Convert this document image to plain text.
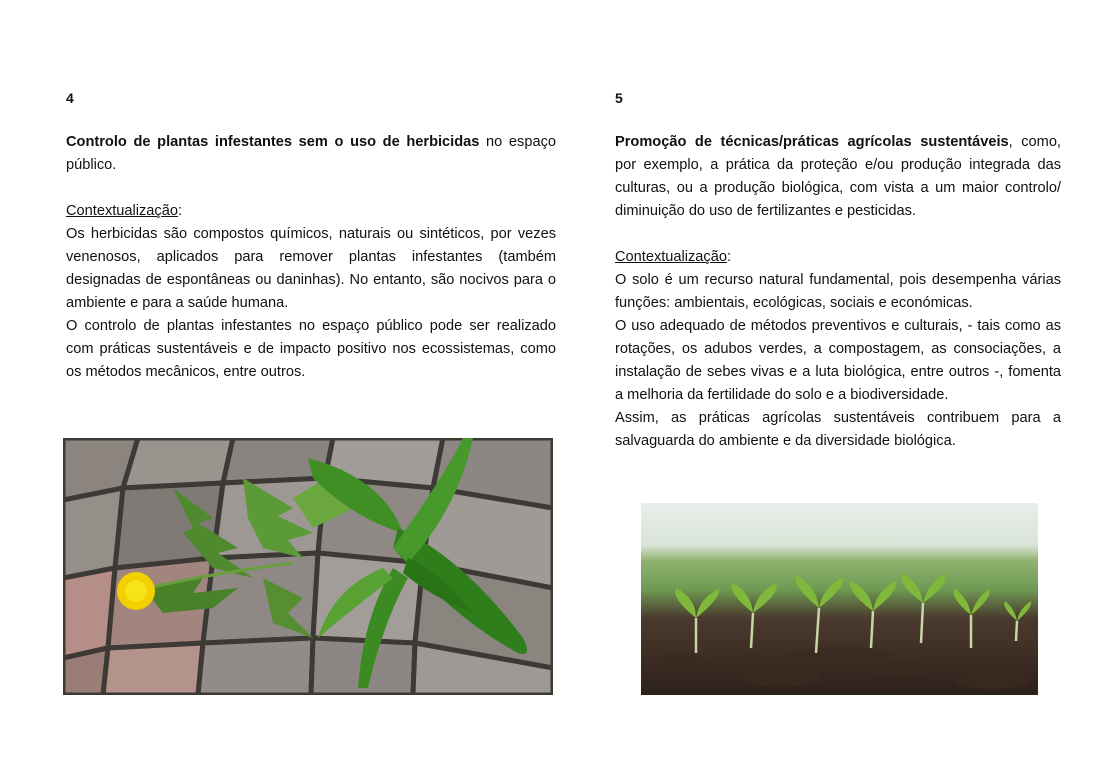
4

Controlo de plantas infestantes sem o uso de herbicidas no espaço público.

Contextualização:

Os herbicidas são compostos químicos, naturais ou sintéticos, por vezes venenosos, aplicados para remover plantas infestantes (também designadas de espontâneas ou daninhas). No entanto, são nocivos para o ambiente e para a saúde humana.

O controlo de plantas infestantes no espaço público pode ser realizado com práticas sustentáveis e de impacto positivo nos ecossistemas, como os métodos mecânicos, entre outros.

5

Promoção de técnicas/práticas agrícolas sustentáveis, como, por exemplo, a prática da proteção e/ou produção integrada das culturas, ou a produção biológica, com vista a um maior controlo/ diminuição do uso de fertilizantes e pesticidas.

Contextualização:

O solo é um recurso natural fundamental, pois desempenha várias funções: ambientais, ecológicas, sociais e económicas.

O uso adequado de métodos preventivos e culturais, - tais como as rotações, os adubos verdes, a compostagem, as consociações, a instalação de sebes vivas e a luta biológica, entre outros -, fomenta a melhoria da fertilidade do solo e a biodiversidade.

Assim, as práticas agrícolas sustentáveis contribuem para a salvaguarda do ambiente e da diversidade biológica.
